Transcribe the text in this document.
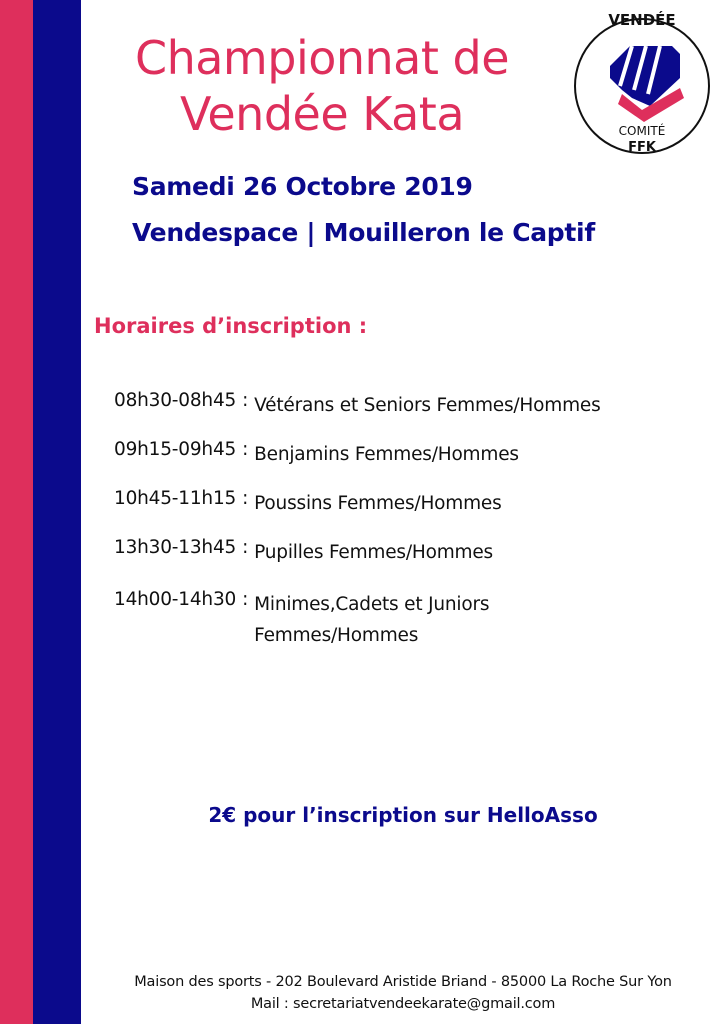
Championnat de
Vendée Kata
VENDÉE
COMITÉ
FFK
Samedi 26 Octobre 2019
Vendespace | Mouilleron le Captif
Horaires d’inscription :
08h30-08h45 : Vétérans et Seniors Femmes/Hommes
09h15-09h45 : Benjamins Femmes/Hommes
10h45-11h15 : Poussins Femmes/Hommes
13h30-13h45 : Pupilles Femmes/Hommes
14h00-14h30 : Minimes,Cadets et Juniors
Femmes/Hommes
2€ pour l’inscription sur HelloAsso
Maison des sports - 202 Boulevard Aristide Briand - 85000 La Roche Sur Yon
Mail : secretariatvendeekarate@gmail.com
